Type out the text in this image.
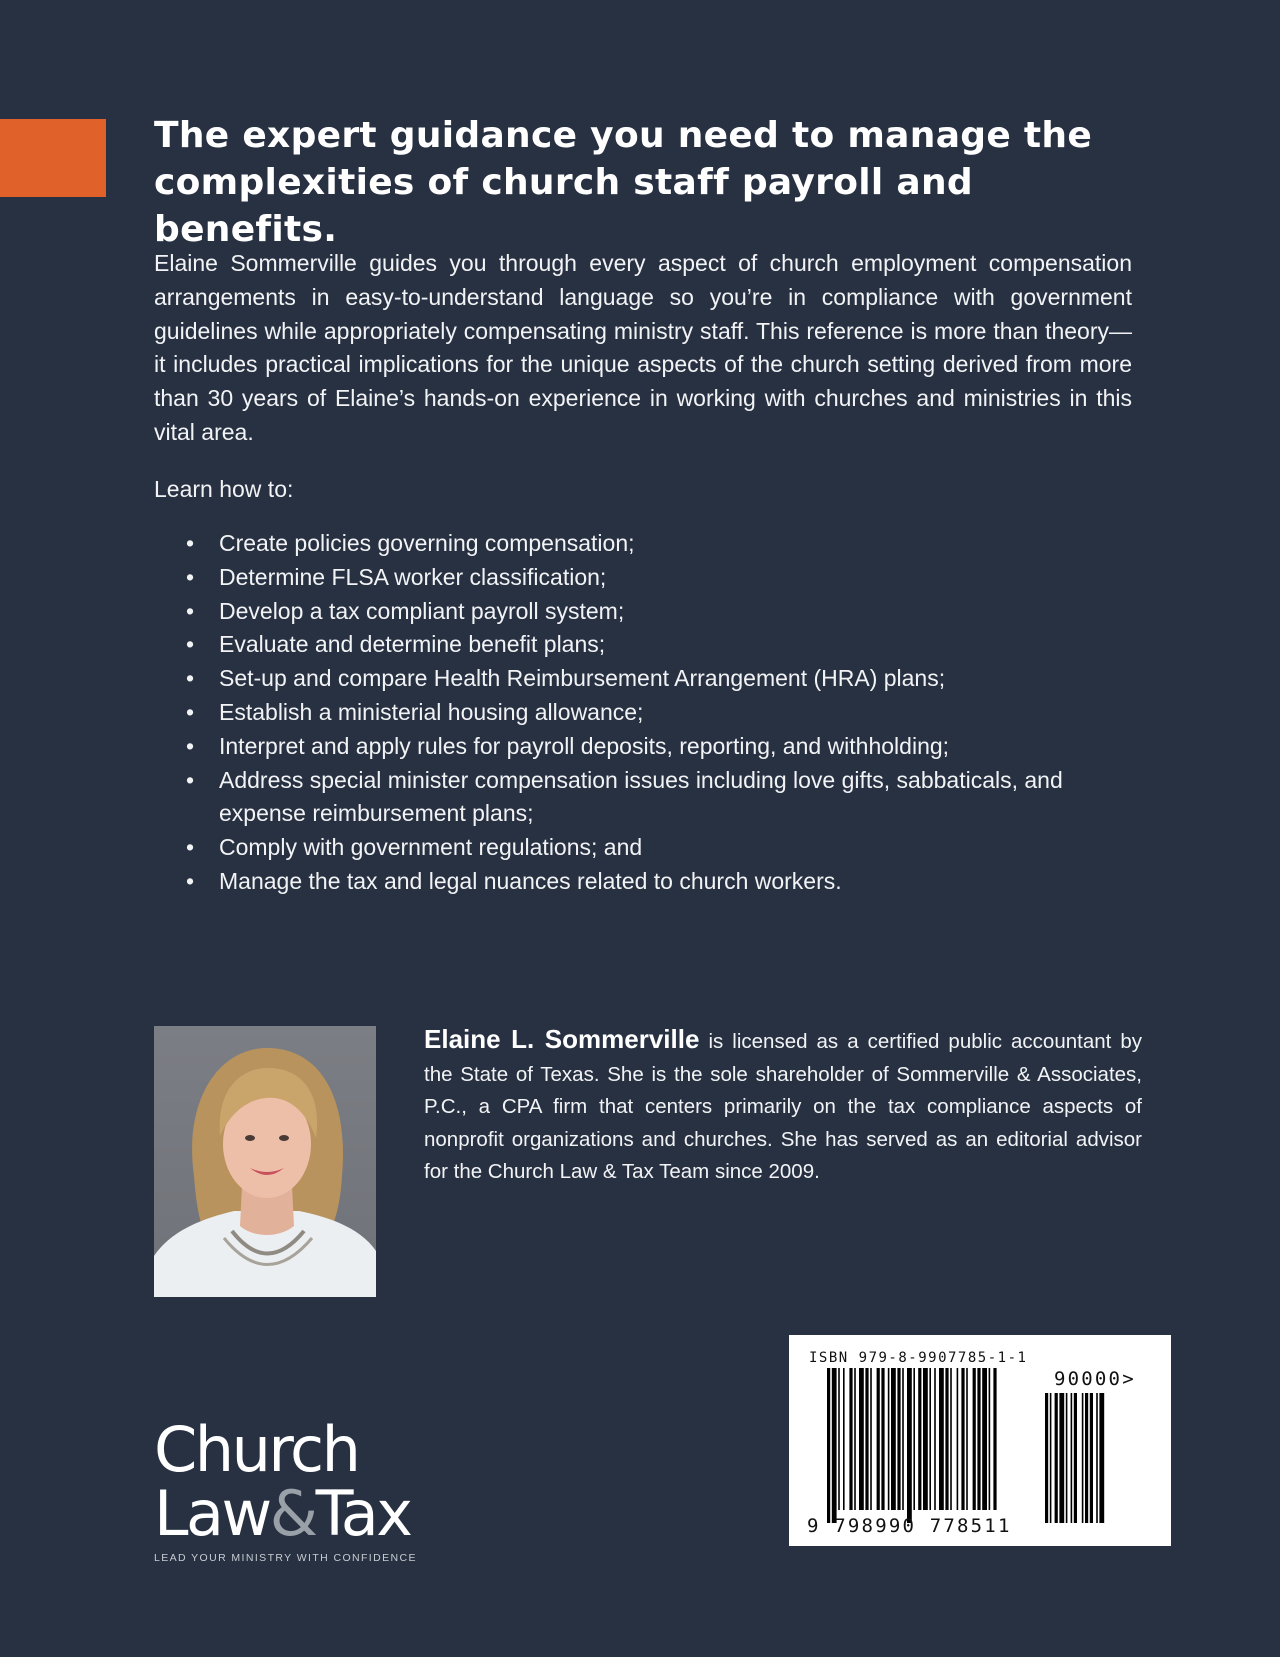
The expert guidance you need to manage the complexities of church staff payroll and benefits.

Elaine Sommerville guides you through every aspect of church employment compensation arrangements in easy-to-understand language so you’re in compliance with government guidelines while appropriately compensating ministry staff. This reference is more than theory—it includes practical implications for the unique aspects of the church setting derived from more than 30 years of Elaine’s hands-on experience in working with churches and ministries in this vital area.

Learn how to:

• Create policies governing compensation;
• Determine FLSA worker classification;
• Develop a tax compliant payroll system;
• Evaluate and determine benefit plans;
• Set-up and compare Health Reimbursement Arrangement (HRA) plans;
• Establish a ministerial housing allowance;
• Interpret and apply rules for payroll deposits, reporting, and withholding;
• Address special minister compensation issues including love gifts, sabbaticals, and expense reimbursement plans;
• Comply with government regulations; and
• Manage the tax and legal nuances related to church workers.

Elaine L. Sommerville is licensed as a certified public accountant by the State of Texas. She is the sole shareholder of Sommerville & Associates, P.C., a CPA firm that centers primarily on the tax compliance aspects of nonprofit organizations and churches. She has served as an editorial advisor for the Church Law & Tax Team since 2009.

ISBN 979-8-9907785-1-1
90000>
9 798990 778511
Church
Law&Tax
LEAD YOUR MINISTRY WITH CONFIDENCE
